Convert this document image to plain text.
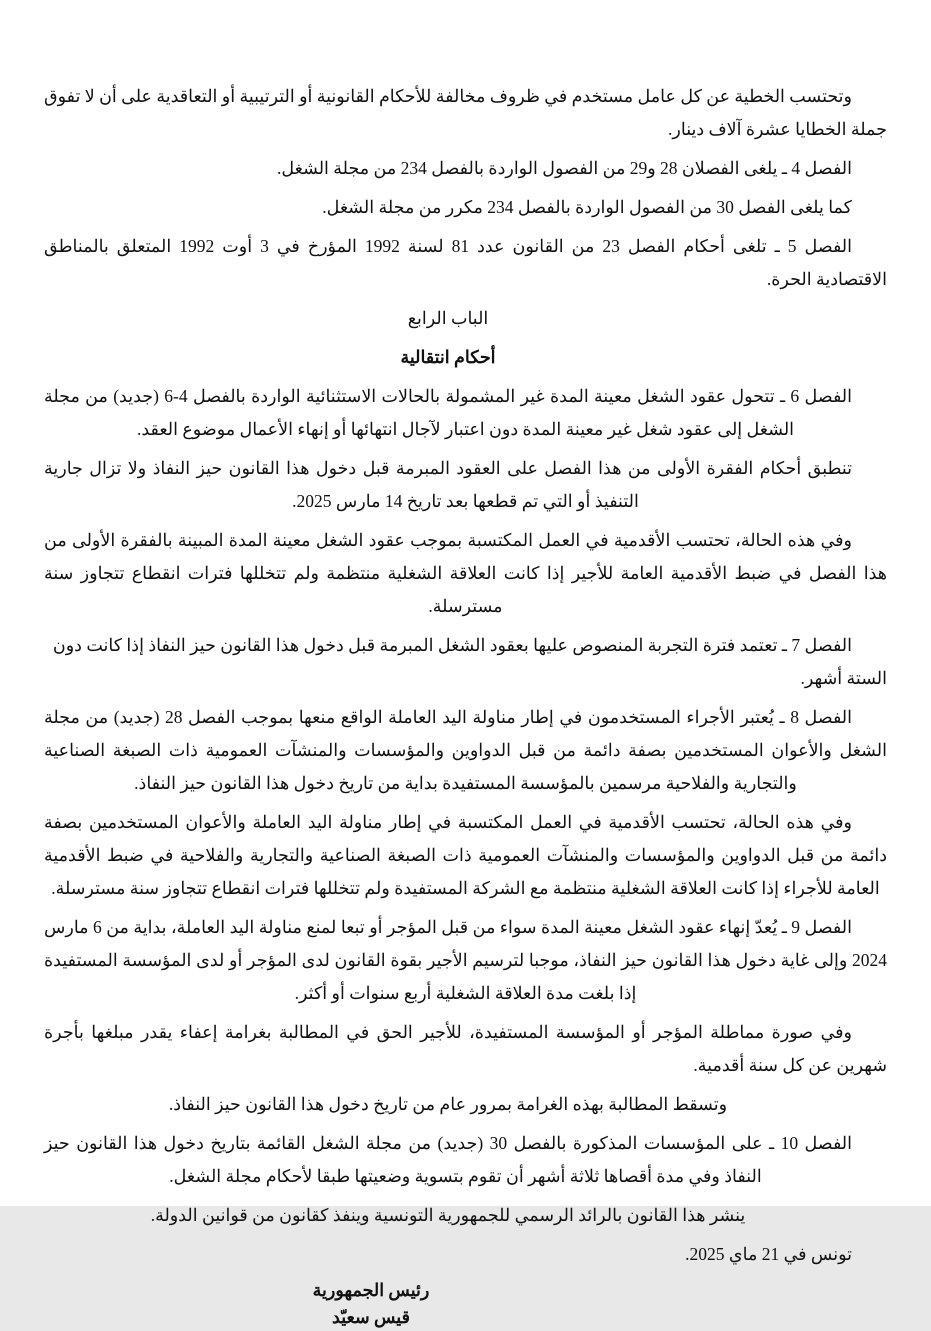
وتحتسب الخطية عن كل عامل مستخدم في ظروف مخالفة للأحكام القانونية أو الترتيبية أو التعاقدية على أن لا تفوق جملة الخطايا عشرة آلاف دينار.

الفصل 4 ـ يلغى الفصلان 28 و29 من الفصول الواردة بالفصل 234 من مجلة الشغل.

كما يلغى الفصل 30 من الفصول الواردة بالفصل 234 مكرر من مجلة الشغل.

الفصل 5 ـ تلغى أحكام الفصل 23 من القانون عدد 81 لسنة 1992 المؤرخ في 3 أوت 1992 المتعلق بالمناطق الاقتصادية الحرة.

الباب الرابع

أحكام انتقالية

الفصل 6 ـ تتحول عقود الشغل معينة المدة غير المشمولة بالحالات الاستثنائية الواردة بالفصل 4-6 (جديد) من مجلة الشغل إلى عقود شغل غير معينة المدة دون اعتبار لآجال انتهائها أو إنهاء الأعمال موضوع العقد.

تنطبق أحكام الفقرة الأولى من هذا الفصل على العقود المبرمة قبل دخول هذا القانون حيز النفاذ ولا تزال جارية التنفيذ أو التي تم قطعها بعد تاريخ 14 مارس 2025.

وفي هذه الحالة، تحتسب الأقدمية في العمل المكتسبة بموجب عقود الشغل معينة المدة المبينة بالفقرة الأولى من هذا الفصل في ضبط الأقدمية العامة للأجير إذا كانت العلاقة الشغلية منتظمة ولم تتخللها فترات انقطاع تتجاوز سنة مسترسلة.

الفصل 7 ـ تعتمد فترة التجربة المنصوص عليها بعقود الشغل المبرمة قبل دخول هذا القانون حيز النفاذ إذا كانت دون الستة أشهر.

الفصل 8 ـ يُعتبر الأجراء المستخدمون في إطار مناولة اليد العاملة الواقع منعها بموجب الفصل 28 (جديد) من مجلة الشغل والأعوان المستخدمين بصفة دائمة من قبل الدواوين والمؤسسات والمنشآت العمومية ذات الصبغة الصناعية والتجارية والفلاحية مرسمين بالمؤسسة المستفيدة بداية من تاريخ دخول هذا القانون حيز النفاذ.

وفي هذه الحالة، تحتسب الأقدمية في العمل المكتسبة في إطار مناولة اليد العاملة والأعوان المستخدمين بصفة دائمة من قبل الدواوين والمؤسسات والمنشآت العمومية ذات الصبغة الصناعية والتجارية والفلاحية في ضبط الأقدمية العامة للأجراء إذا كانت العلاقة الشغلية منتظمة مع الشركة المستفيدة ولم تتخللها فترات انقطاع تتجاوز سنة مسترسلة.

الفصل 9 ـ يُعدّ إنهاء عقود الشغل معينة المدة سواء من قبل المؤجر أو تبعا لمنع مناولة اليد العاملة، بداية من 6 مارس 2024 وإلى غاية دخول هذا القانون حيز النفاذ، موجبا لترسيم الأجير بقوة القانون لدى المؤجر أو لدى المؤسسة المستفيدة إذا بلغت مدة العلاقة الشغلية أربع سنوات أو أكثر.

وفي صورة مماطلة المؤجر أو المؤسسة المستفيدة، للأجير الحق في المطالبة بغرامة إعفاء يقدر مبلغها بأجرة شهرين عن كل سنة أقدمية.

وتسقط المطالبة بهذه الغرامة بمرور عام من تاريخ دخول هذا القانون حيز النفاذ.

الفصل 10 ـ على المؤسسات المذكورة بالفصل 30 (جديد) من مجلة الشغل القائمة بتاريخ دخول هذا القانون حيز النفاذ وفي مدة أقصاها ثلاثة أشهر أن تقوم بتسوية وضعيتها طبقا لأحكام مجلة الشغل.

ينشر هذا القانون بالرائد الرسمي للجمهورية التونسية وينفذ كقانون من قوانين الدولة.

تونس في 21 ماي 2025.

رئيس الجمهورية
قيس سعيّد
